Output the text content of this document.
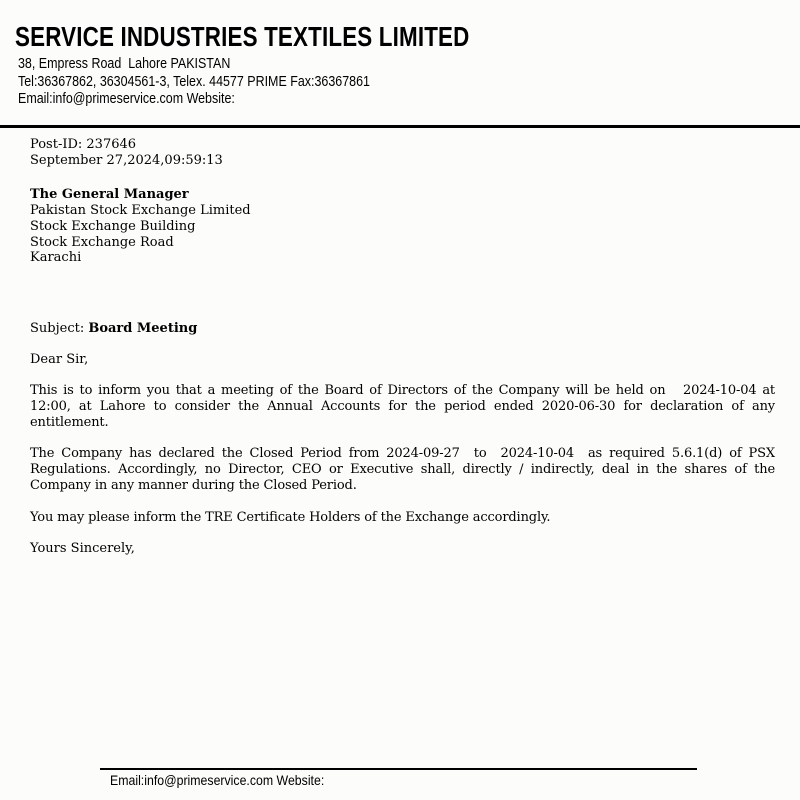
SERVICE INDUSTRIES TEXTILES LIMITED
38, Empress Road  Lahore PAKISTAN
Tel:36367862, 36304561-3, Telex. 44577 PRIME Fax:36367861
Email:info@primeservice.com Website:
Post-ID: 237646
September 27,2024,09:59:13
The General Manager
Pakistan Stock Exchange Limited
Stock Exchange Building
Stock Exchange Road
Karachi
Subject: Board Meeting
Dear Sir,

This is to inform you that a meeting of the Board of Directors of the Company will be held on   2024-10-04 at 12:00, at Lahore to consider the Annual Accounts for the period ended 2020-06-30 for declaration of any entitlement.

The Company has declared the Closed Period from 2024-09-27  to  2024-10-04  as required 5.6.1(d) of PSX Regulations. Accordingly, no Director, CEO or Executive shall, directly / indirectly, deal in the shares of the Company in any manner during the Closed Period.

You may please inform the TRE Certificate Holders of the Exchange accordingly.

Yours Sincerely,
Email:info@primeservice.com Website:
